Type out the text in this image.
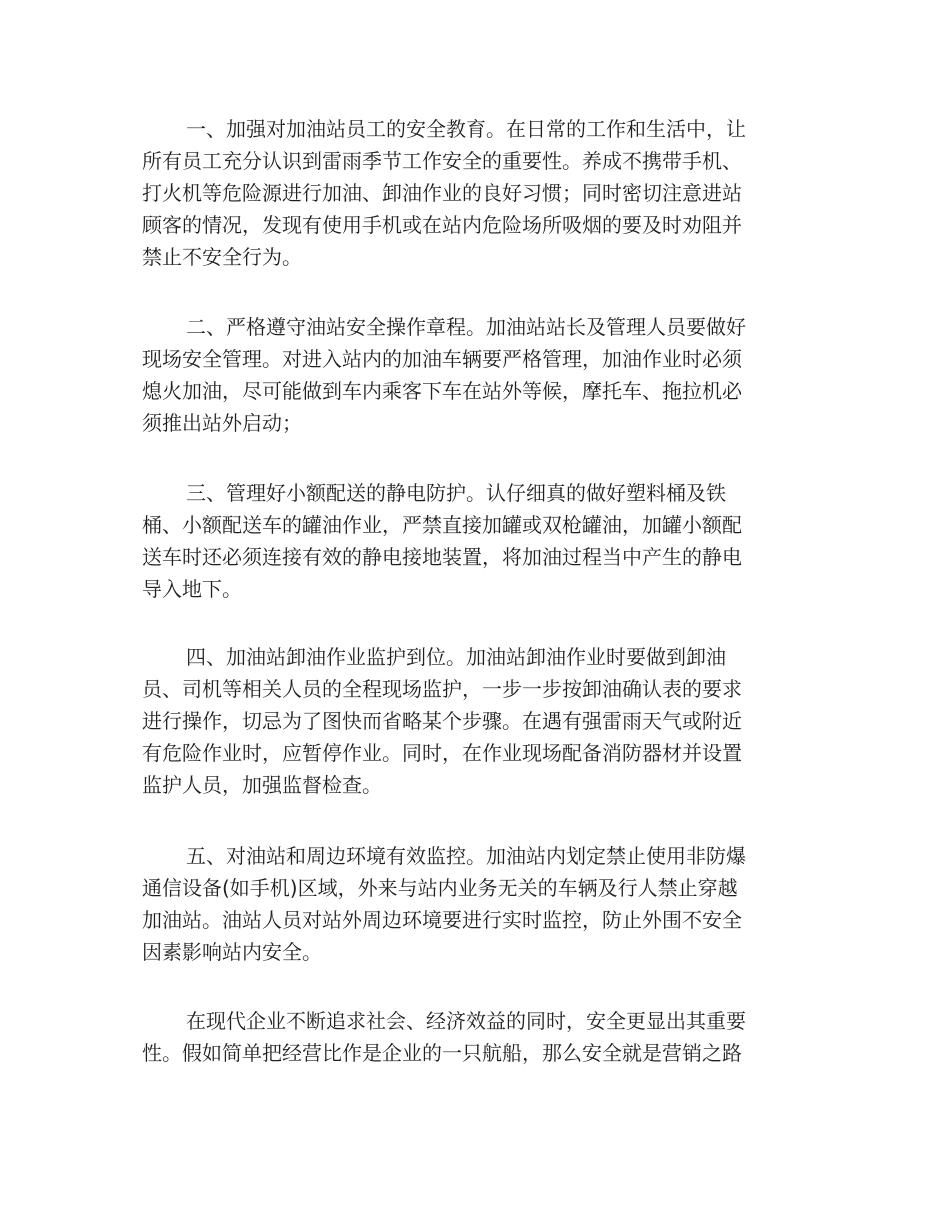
一、加强对加油站员工的安全教育。在日常的工作和生活中，让
所有员工充分认识到雷雨季节工作安全的重要性。养成不携带手机、
打火机等危险源进行加油、卸油作业的良好习惯；同时密切注意进站
顾客的情况，发现有使用手机或在站内危险场所吸烟的要及时劝阻并
禁止不安全行为。
二、严格遵守油站安全操作章程。加油站站长及管理人员要做好
现场安全管理。对进入站内的加油车辆要严格管理，加油作业时必须
熄火加油，尽可能做到车内乘客下车在站外等候，摩托车、拖拉机必
须推出站外启动；
三、管理好小额配送的静电防护。认仔细真的做好塑料桶及铁
桶、小额配送车的罐油作业，严禁直接加罐或双枪罐油，加罐小额配
送车时还必须连接有效的静电接地装置，将加油过程当中产生的静电
导入地下。
四、加油站卸油作业监护到位。加油站卸油作业时要做到卸油
员、司机等相关人员的全程现场监护，一步一步按卸油确认表的要求
进行操作，切忌为了图快而省略某个步骤。在遇有强雷雨天气或附近
有危险作业时，应暂停作业。同时，在作业现场配备消防器材并设置
监护人员，加强监督检查。
五、对油站和周边环境有效监控。加油站内划定禁止使用非防爆
通信设备(如手机)区域，外来与站内业务无关的车辆及行人禁止穿越
加油站。油站人员对站外周边环境要进行实时监控，防止外围不安全
因素影响站内安全。
在现代企业不断追求社会、经济效益的同时，安全更显出其重要
性。假如简单把经营比作是企业的一只航船，那么安全就是营销之路
